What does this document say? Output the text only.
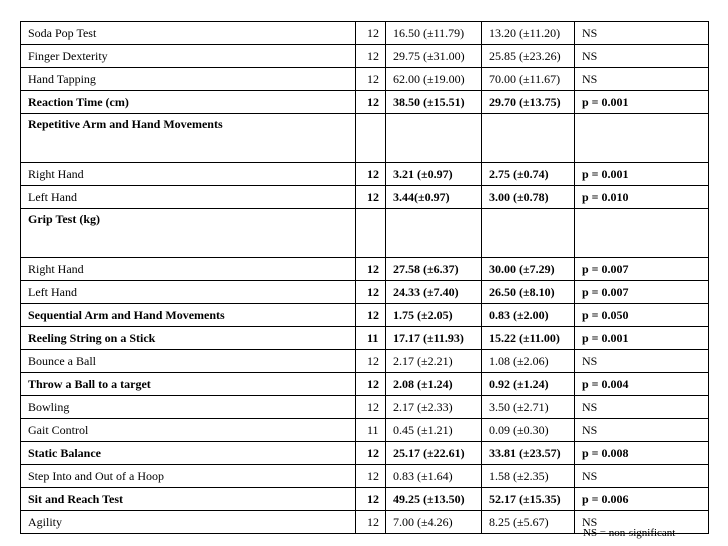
Soda Pop Test	12	16.50 (±11.79)	13.20 (±11.20)	NS
Finger Dexterity	12	29.75 (±31.00)	25.85 (±23.26)	NS
Hand Tapping	12	62.00 (±19.00)	70.00 (±11.67)	NS
Reaction Time (cm)	12	38.50 (±15.51)	29.70 (±13.75)	p = 0.001
Repetitive Arm and Hand Movements				
Right Hand	12	3.21 (±0.97)	2.75 (±0.74)	p = 0.001
Left Hand	12	3.44(±0.97)	3.00 (±0.78)	p = 0.010
Grip Test (kg)				
Right Hand	12	27.58 (±6.37)	30.00 (±7.29)	p = 0.007
Left Hand	12	24.33 (±7.40)	26.50 (±8.10)	p = 0.007
Sequential Arm and Hand Movements	12	1.75 (±2.05)	0.83 (±2.00)	p = 0.050
Reeling String on a Stick	11	17.17 (±11.93)	15.22 (±11.00)	p = 0.001
Bounce a Ball	12	2.17 (±2.21)	1.08 (±2.06)	NS
Throw a Ball to a target	12	2.08 (±1.24)	0.92 (±1.24)	p = 0.004
Bowling	12	2.17 (±2.33)	3.50 (±2.71)	NS
Gait Control	11	0.45 (±1.21)	0.09 (±0.30)	NS
Static Balance	12	25.17 (±22.61)	33.81 (±23.57)	p = 0.008
Step Into and Out of a Hoop	12	0.83 (±1.64)	1.58 (±2.35)	NS
Sit and Reach Test	12	49.25 (±13.50)	52.17 (±15.35)	p = 0.006
Agility	12	7.00 (±4.26)	8.25 (±5.67)	NS
NS = non-significant
